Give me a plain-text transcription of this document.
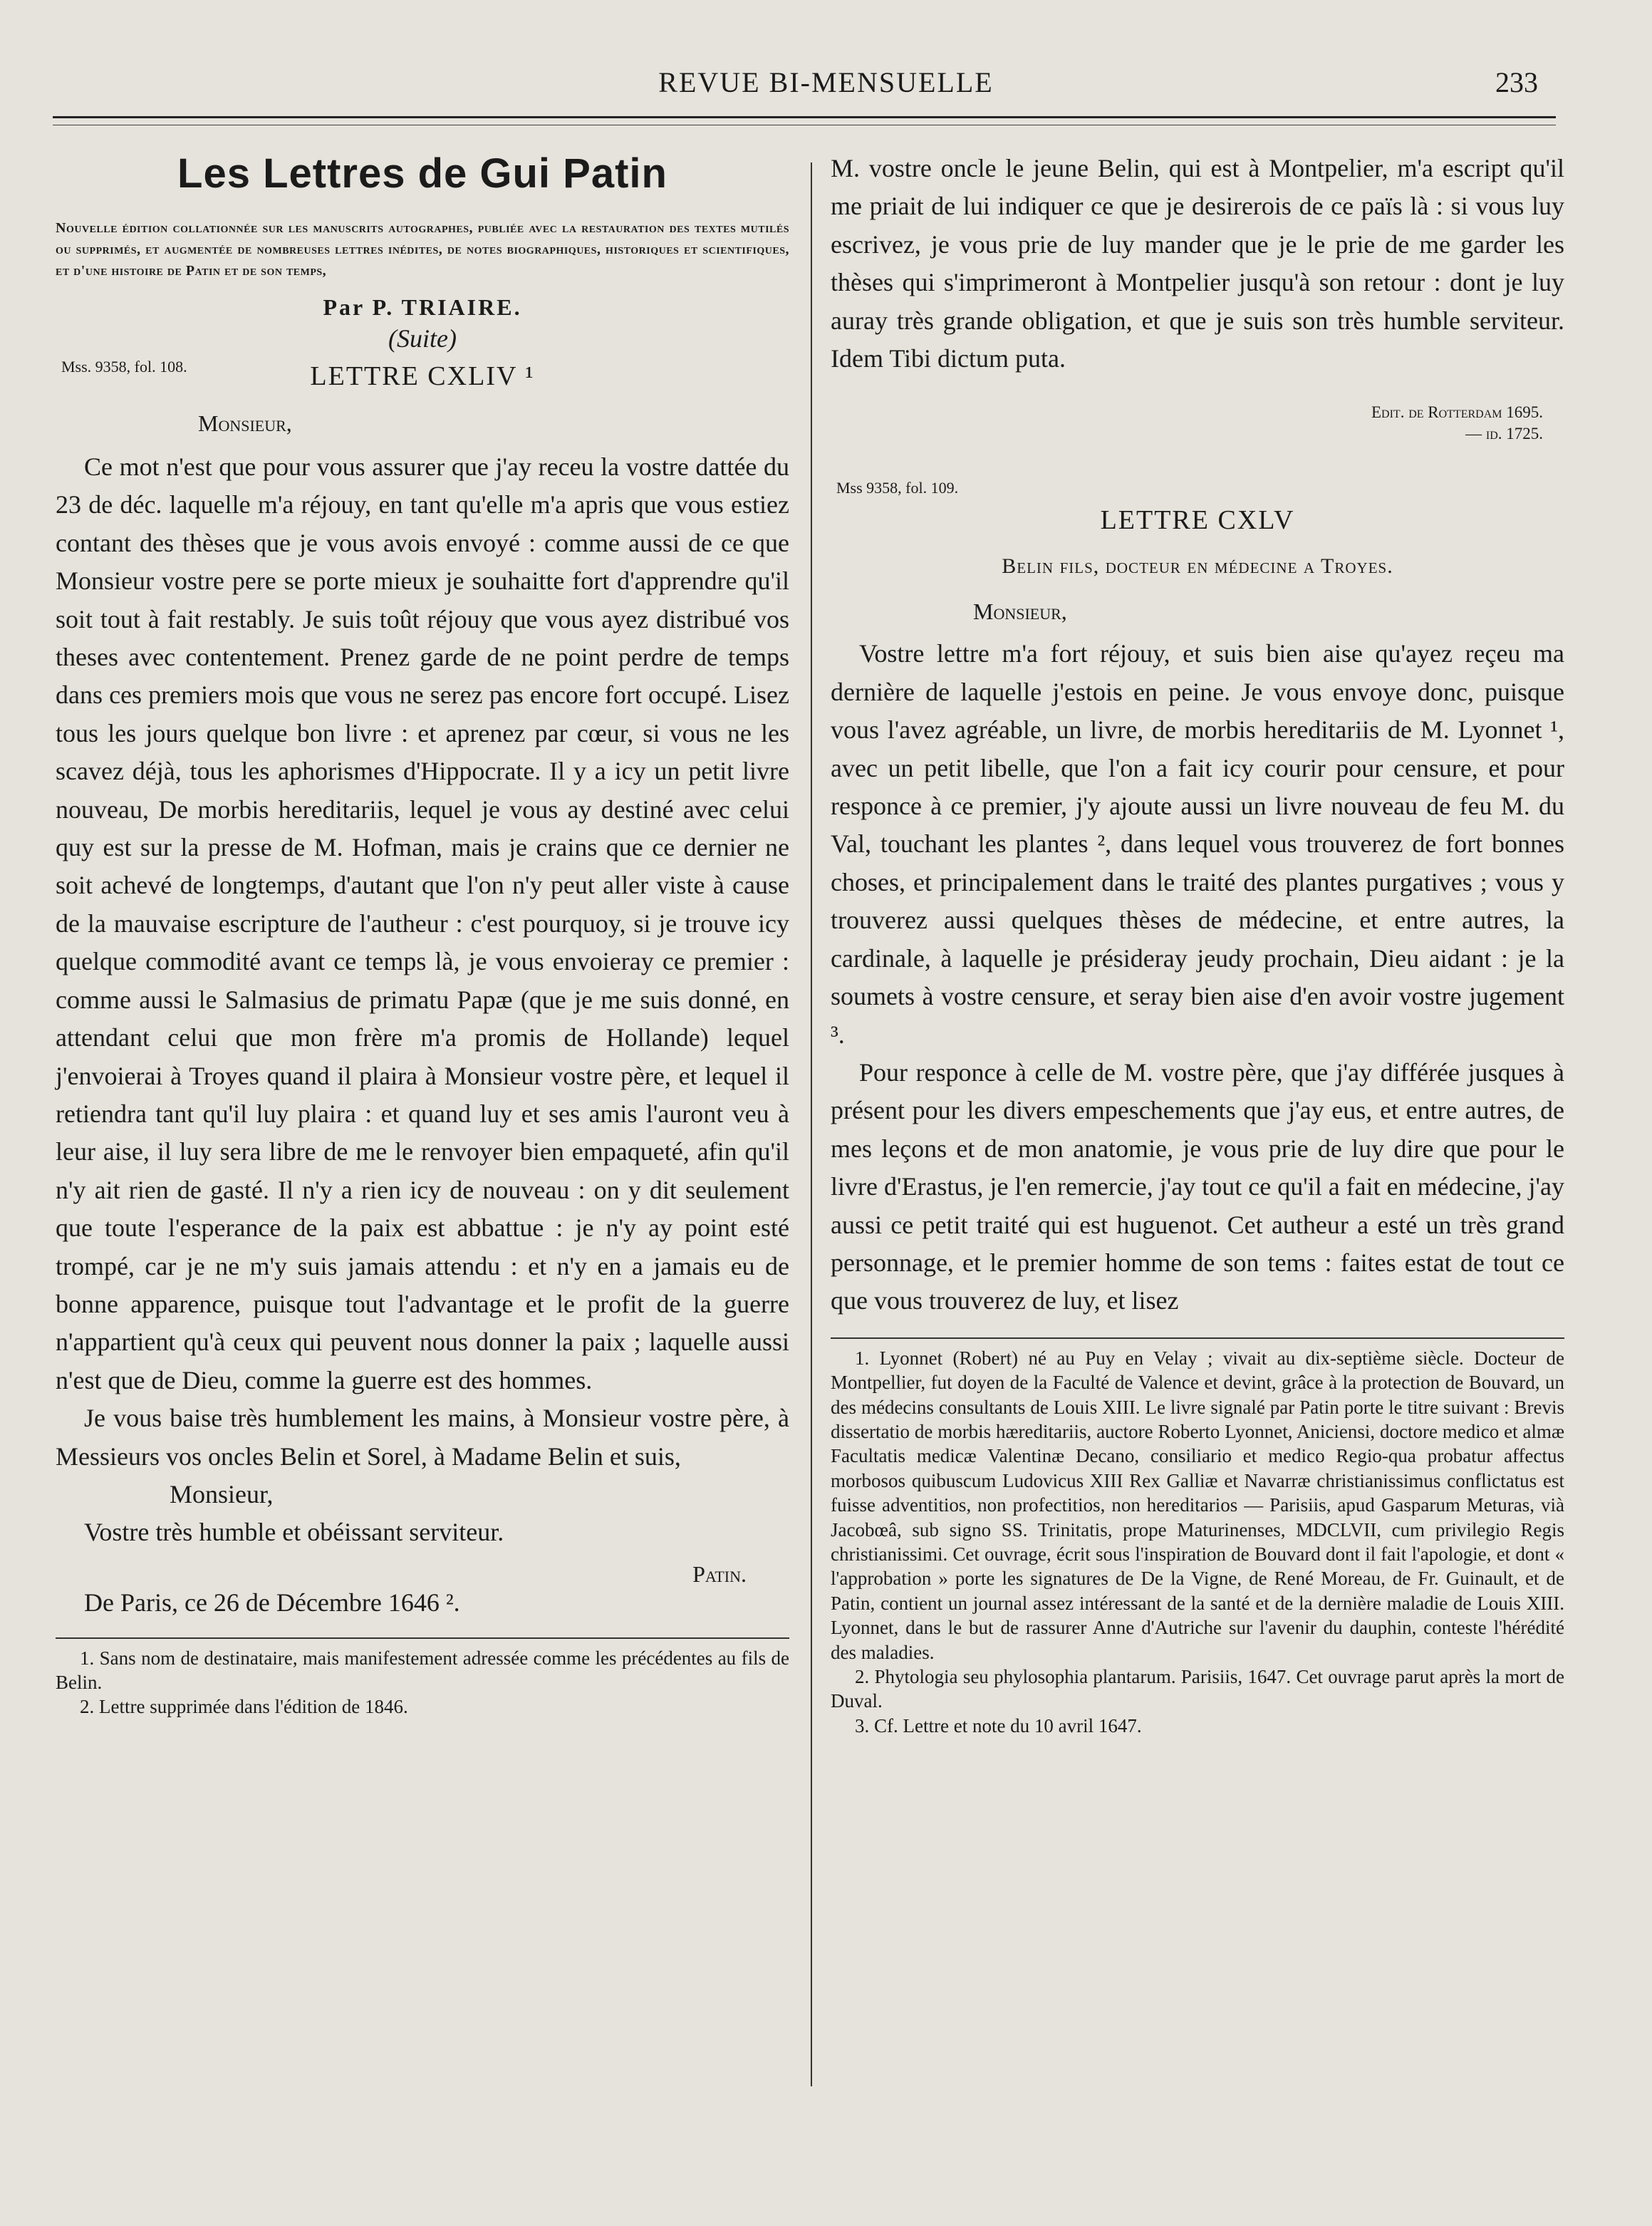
REVUE BI-MENSUELLE	233
Les Lettres de Gui Patin
Nouvelle édition collationnée sur les manuscrits autographes, publiée avec la restauration des textes mutilés ou supprimés, et augmentée de nombreuses lettres inédites, de notes biographiques, historiques et scientifiques, et d'une histoire de Patin et de son temps,
Par P. TRIAIRE.
(Suite)
Mss. 9358, fol. 108.	LETTRE CXLIV ¹
Monsieur,

Ce mot n'est que pour vous assurer que j'ay receu la vostre dattée du 23 de déc. laquelle m'a réjouy, en tant qu'elle m'a apris que vous estiez contant des thèses que je vous avois envoyé : comme aussi de ce que Monsieur vostre pere se porte mieux je souhaitte fort d'apprendre qu'il soit tout à fait restably. Je suis toût réjouy que vous ayez distribué vos theses avec contentement. Prenez garde de ne point perdre de temps dans ces premiers mois que vous ne serez pas encore fort occupé. Lisez tous les jours quelque bon livre : et aprenez par cœur, si vous ne les scavez déjà, tous les aphorismes d'Hippocrate. Il y a icy un petit livre nouveau, De morbis hereditariis, lequel je vous ay destiné avec celui quy est sur la presse de M. Hofman, mais je crains que ce dernier ne soit achevé de longtemps, d'autant que l'on n'y peut aller viste à cause de la mauvaise escripture de l'autheur : c'est pourquoy, si je trouve icy quelque commodité avant ce temps là, je vous envoieray ce premier : comme aussi le Salmasius de primatu Papæ (que je me suis donné, en attendant celui que mon frère m'a promis de Hollande) lequel j'envoierai à Troyes quand il plaira à Monsieur vostre père, et lequel il retiendra tant qu'il luy plaira : et quand luy et ses amis l'auront veu à leur aise, il luy sera libre de me le renvoyer bien empaqueté, afin qu'il n'y ait rien de gasté. Il n'y a rien icy de nouveau : on y dit seulement que toute l'esperance de la paix est abbattue : je n'y ay point esté trompé, car je ne m'y suis jamais attendu : et n'y en a jamais eu de bonne apparence, puisque tout l'advantage et le profit de la guerre n'appartient qu'à ceux qui peuvent nous donner la paix ; laquelle aussi n'est que de Dieu, comme la guerre est des hommes.

Je vous baise très humblement les mains, à Monsieur vostre père, à Messieurs vos oncles Belin et Sorel, à Madame Belin et suis,

Monsieur,
Vostre très humble et obéissant serviteur.
Patin.
De Paris, ce 26 de Décembre 1646 ².

1. Sans nom de destinataire, mais manifestement adressée comme les précédentes au fils de Belin.

2. Lettre supprimée dans l'édition de 1846.

M. vostre oncle le jeune Belin, qui est à Montpelier, m'a escript qu'il me priait de lui indiquer ce que je desirerois de ce païs là : si vous luy escrivez, je vous prie de luy mander que je le prie de me garder les thèses qui s'imprimeront à Montpelier jusqu'à son retour : dont je luy auray très grande obligation, et que je suis son très humble serviteur. Idem Tibi dictum puta.

Edit. de Rotterdam 1695.
— id. 1725.
Mss 9358, fol. 109.
LETTRE CXLV
Belin fils, docteur en médecine a Troyes.
Monsieur,

Vostre lettre m'a fort réjouy, et suis bien aise qu'ayez reçeu ma dernière de laquelle j'estois en peine. Je vous envoye donc, puisque vous l'avez agréable, un livre, de morbis hereditariis de M. Lyonnet ¹, avec un petit libelle, que l'on a fait icy courir pour censure, et pour responce à ce premier, j'y ajoute aussi un livre nouveau de feu M. du Val, touchant les plantes ², dans lequel vous trouverez de fort bonnes choses, et principalement dans le traité des plantes purgatives ; vous y trouverez aussi quelques thèses de médecine, et entre autres, la cardinale, à laquelle je présideray jeudy prochain, Dieu aidant : je la soumets à vostre censure, et seray bien aise d'en avoir vostre jugement ³.

Pour responce à celle de M. vostre père, que j'ay différée jusques à présent pour les divers empeschements que j'ay eus, et entre autres, de mes leçons et de mon anatomie, je vous prie de luy dire que pour le livre d'Erastus, je l'en remercie, j'ay tout ce qu'il a fait en médecine, j'ay aussi ce petit traité qui est huguenot. Cet autheur a esté un très grand personnage, et le premier homme de son tems : faites estat de tout ce que vous trouverez de luy, et lisez

1. Lyonnet (Robert) né au Puy en Velay ; vivait au dix-septième siècle. Docteur de Montpellier, fut doyen de la Faculté de Valence et devint, grâce à la protection de Bouvard, un des médecins consultants de Louis XIII. Le livre signalé par Patin porte le titre suivant : Brevis dissertatio de morbis hæreditariis, auctore Roberto Lyonnet, Aniciensi, doctore medico et almæ Facultatis medicæ Valentinæ Decano, consiliario et medico Regio-qua probatur affectus morbosos quibuscum Ludovicus XIII Rex Galliæ et Navarræ christianissimus conflictatus est fuisse adventitios, non profectitios, non hereditarios — Parisiis, apud Gasparum Meturas, vià Jacobœâ, sub signo SS. Trinitatis, prope Maturinenses, MDCLVII, cum privilegio Regis christianissimi. Cet ouvrage, écrit sous l'inspiration de Bouvard dont il fait l'apologie, et dont « l'approbation » porte les signatures de De la Vigne, de René Moreau, de Fr. Guinault, et de Patin, contient un journal assez intéressant de la santé et de la dernière maladie de Louis XIII. Lyonnet, dans le but de rassurer Anne d'Autriche sur l'avenir du dauphin, conteste l'hérédité des maladies.

2. Phytologia seu phylosophia plantarum. Parisiis, 1647. Cet ouvrage parut après la mort de Duval.

3. Cf. Lettre et note du 10 avril 1647.
